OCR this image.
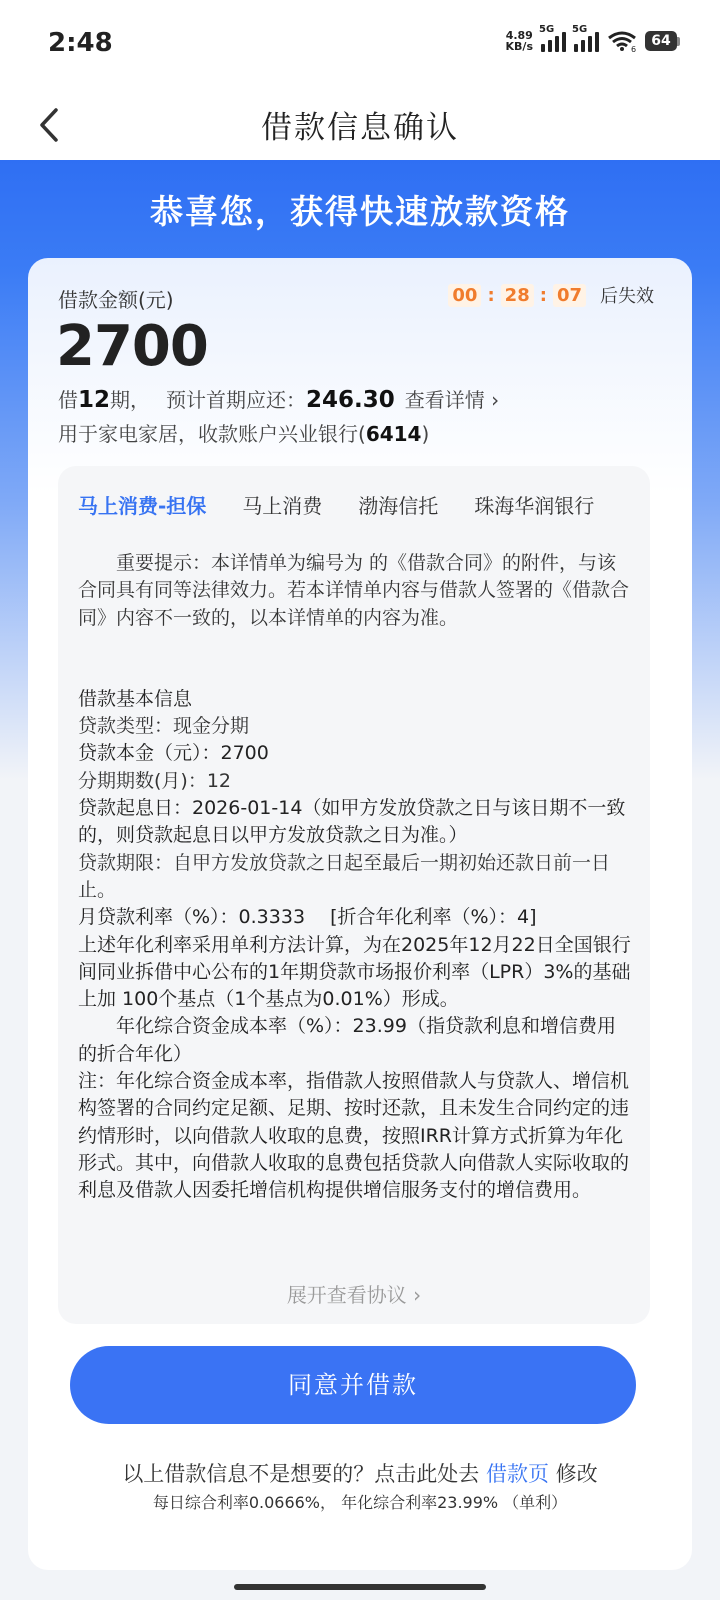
2:48	4.89
KB/s
5G 5G
6
64
借款信息确认
恭喜您，获得快速放款资格
借款金额(元)	00 : 28 : 07 后失效
2700
借 12 期， 预计首期应还： 246.30 查看详情 ›
用于家电家居，收款账户兴业银行(6414)
马上消费-担保 马上消费 渤海信托 珠海华润银行

重要提示：本详情单为编号为 的《借款合同》的附件，与该合同具有同等法律效力。若本详情单内容与借款人签署的《借款合同》内容不一致的，以本详情单的内容为准。

借款基本信息

贷款类型：现金分期

贷款本金（元）：2700

分期期数(月)：12

贷款起息日：2026-01-14（如甲方发放贷款之日与该日期不一致的，则贷款起息日以甲方发放贷款之日为准。）

贷款期限：自甲方发放贷款之日起至最后一期初始还款日前一日止。

月贷款利率（%）：0.3333　 [折合年化利率（%）：4]

上述年化利率采用单利方法计算，为在2025年12月22日全国银行间同业拆借中心公布的1年期贷款市场报价利率（LPR）3%的基础上加 100个基点（1个基点为0.01%）形成。

年化综合资金成本率（%）：23.99（指贷款利息和增信费用的折合年化）

注：年化综合资金成本率，指借款人按照借款人与贷款人、增信机构签署的合同约定足额、足期、按时还款，且未发生合同约定的违约情形时，以向借款人收取的息费，按照IRR计算方式折算为年化形式。其中，向借款人收取的息费包括贷款人向借款人实际收取的利息及借款人因委托增信机构提供增信服务支付的增信费用。

展开查看协议 ›
同意并借款
以上借款信息不是想要的？点击此处去 借款页 修改
每日综合利率0.0666%， 年化综合利率23.99% （单利）
